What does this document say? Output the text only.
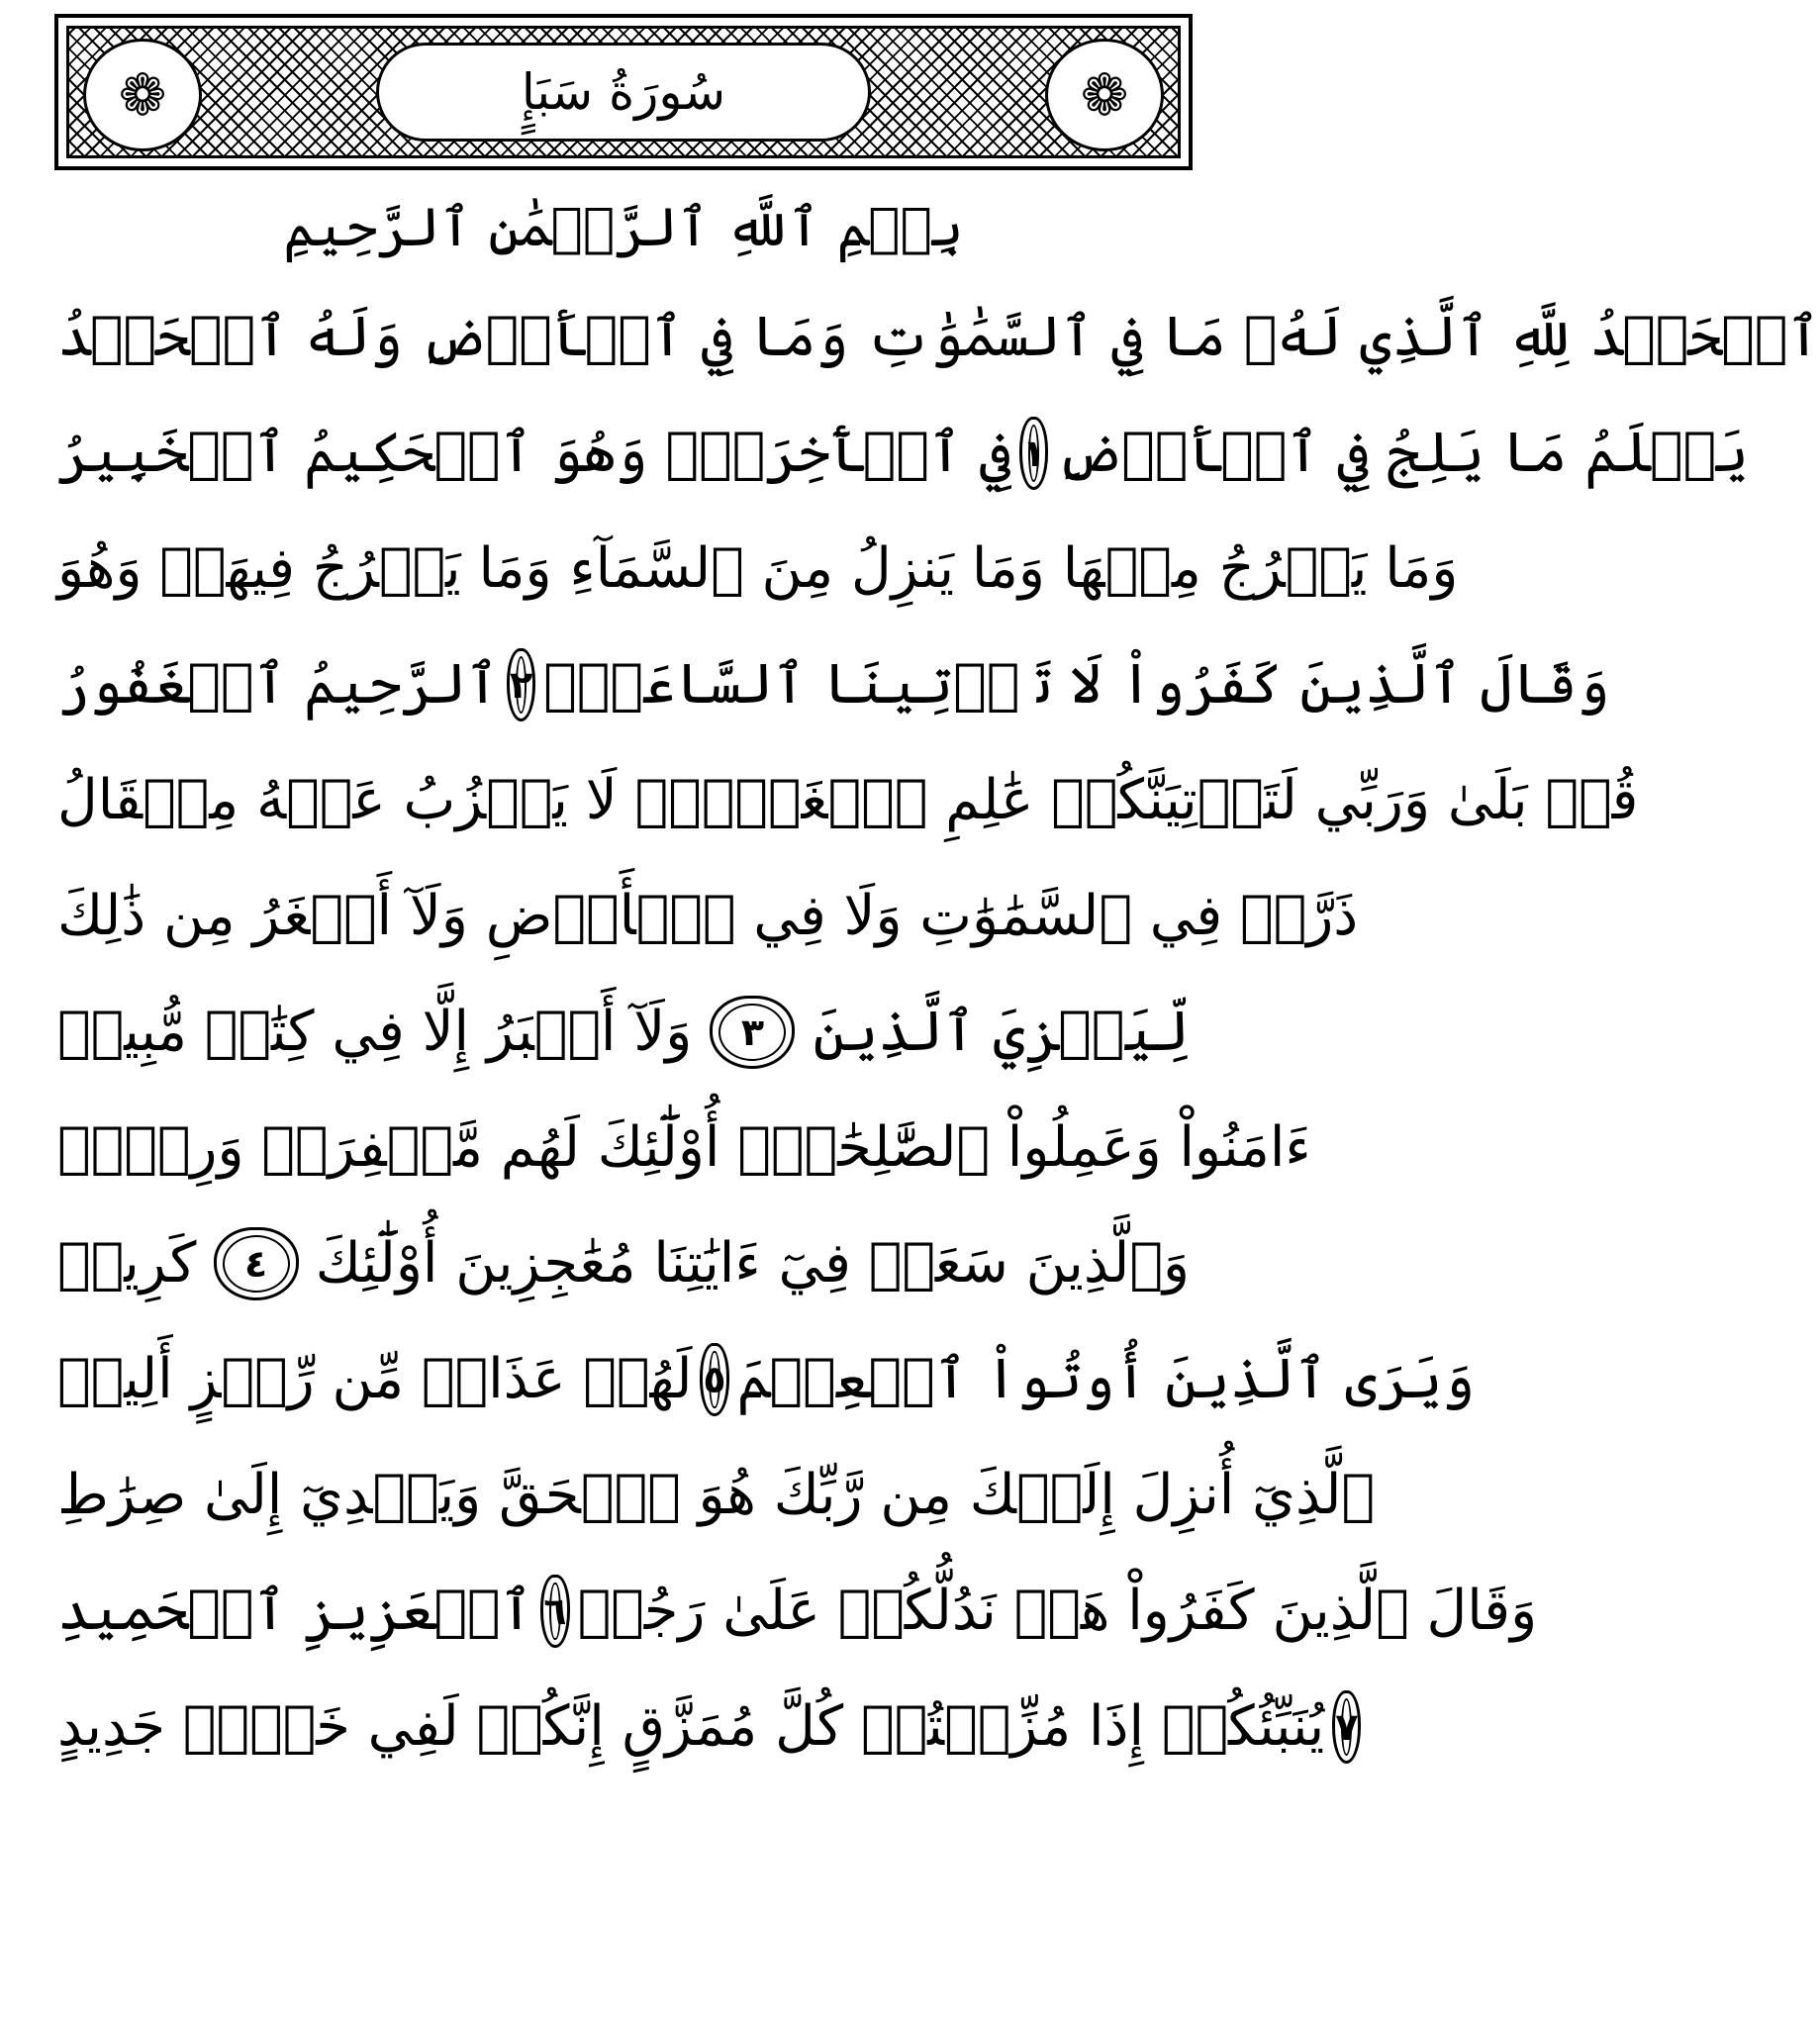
❁	سُورَةُ سَبَإٍ	❁
بِسۡمِ ٱللَّهِ ٱلرَّحۡمَٰنِ ٱلرَّحِيمِ
ٱلۡحَمۡدُ لِلَّهِ ٱلَّذِي لَهُۥ مَا فِي ٱلسَّمَٰوَٰتِ وَمَا فِي ٱلۡأَرۡضِ وَلَهُ ٱلۡحَمۡدُ
فِي ٱلۡأٓخِرَةِۚ وَهُوَ ٱلۡحَكِيمُ ٱلۡخَبِيرُ ١ يَعۡلَمُ مَا يَلِجُ فِي ٱلۡأَرۡضِ
وَمَا يَخۡرُجُ مِنۡهَا وَمَا يَنزِلُ مِنَ ٱلسَّمَآءِ وَمَا يَعۡرُجُ فِيهَاۚ وَهُوَ
ٱلرَّحِيمُ ٱلۡغَفُورُ ٢ وَقَالَ ٱلَّذِينَ كَفَرُواْ لَا تَأۡتِينَا ٱلسَّاعَةُۖ
قُلۡ بَلَىٰ وَرَبِّي لَتَأۡتِيَنَّكُمۡ عَٰلِمِ ٱلۡغَيۡبِۖ لَا يَعۡزُبُ عَنۡهُ مِثۡقَالُ
ذَرَّةٖ فِي ٱلسَّمَٰوَٰتِ وَلَا فِي ٱلۡأَرۡضِ وَلَآ أَصۡغَرُ مِن ذَٰلِكَ
وَلَآ أَكۡبَرُ إِلَّا فِي كِتَٰبٖ مُّبِينٖ	٣ لِّيَجۡزِيَ ٱلَّذِينَ
ءَامَنُواْ وَعَمِلُواْ ٱلصَّٰلِحَٰتِۚ أُوْلَٰٓئِكَ لَهُم مَّغۡفِرَةٞ وَرِزۡقٞ
كَرِيمٞ	٤ وَٱلَّذِينَ سَعَوۡ فِيٓ ءَايَٰتِنَا مُعَٰجِزِينَ أُوْلَٰٓئِكَ
لَهُمۡ عَذَابٞ مِّن رِّجۡزٍ أَلِيمٞ ٥ وَيَرَى ٱلَّذِينَ أُوتُواْ ٱلۡعِلۡمَ
ٱلَّذِيٓ أُنزِلَ إِلَيۡكَ مِن رَّبِّكَ هُوَ ٱلۡحَقَّ وَيَهۡدِيٓ إِلَىٰ صِرَٰطِ
ٱلۡعَزِيزِ ٱلۡحَمِيدِ ٦ وَقَالَ ٱلَّذِينَ كَفَرُواْ هَلۡ نَدُلُّكُمۡ عَلَىٰ رَجُلٖ
يُنَبِّئُكُمۡ إِذَا مُزِّقۡتُمۡ كُلَّ مُمَزَّقٍ إِنَّكُمۡ لَفِي خَلۡقٖ جَدِيدٍ ٧
